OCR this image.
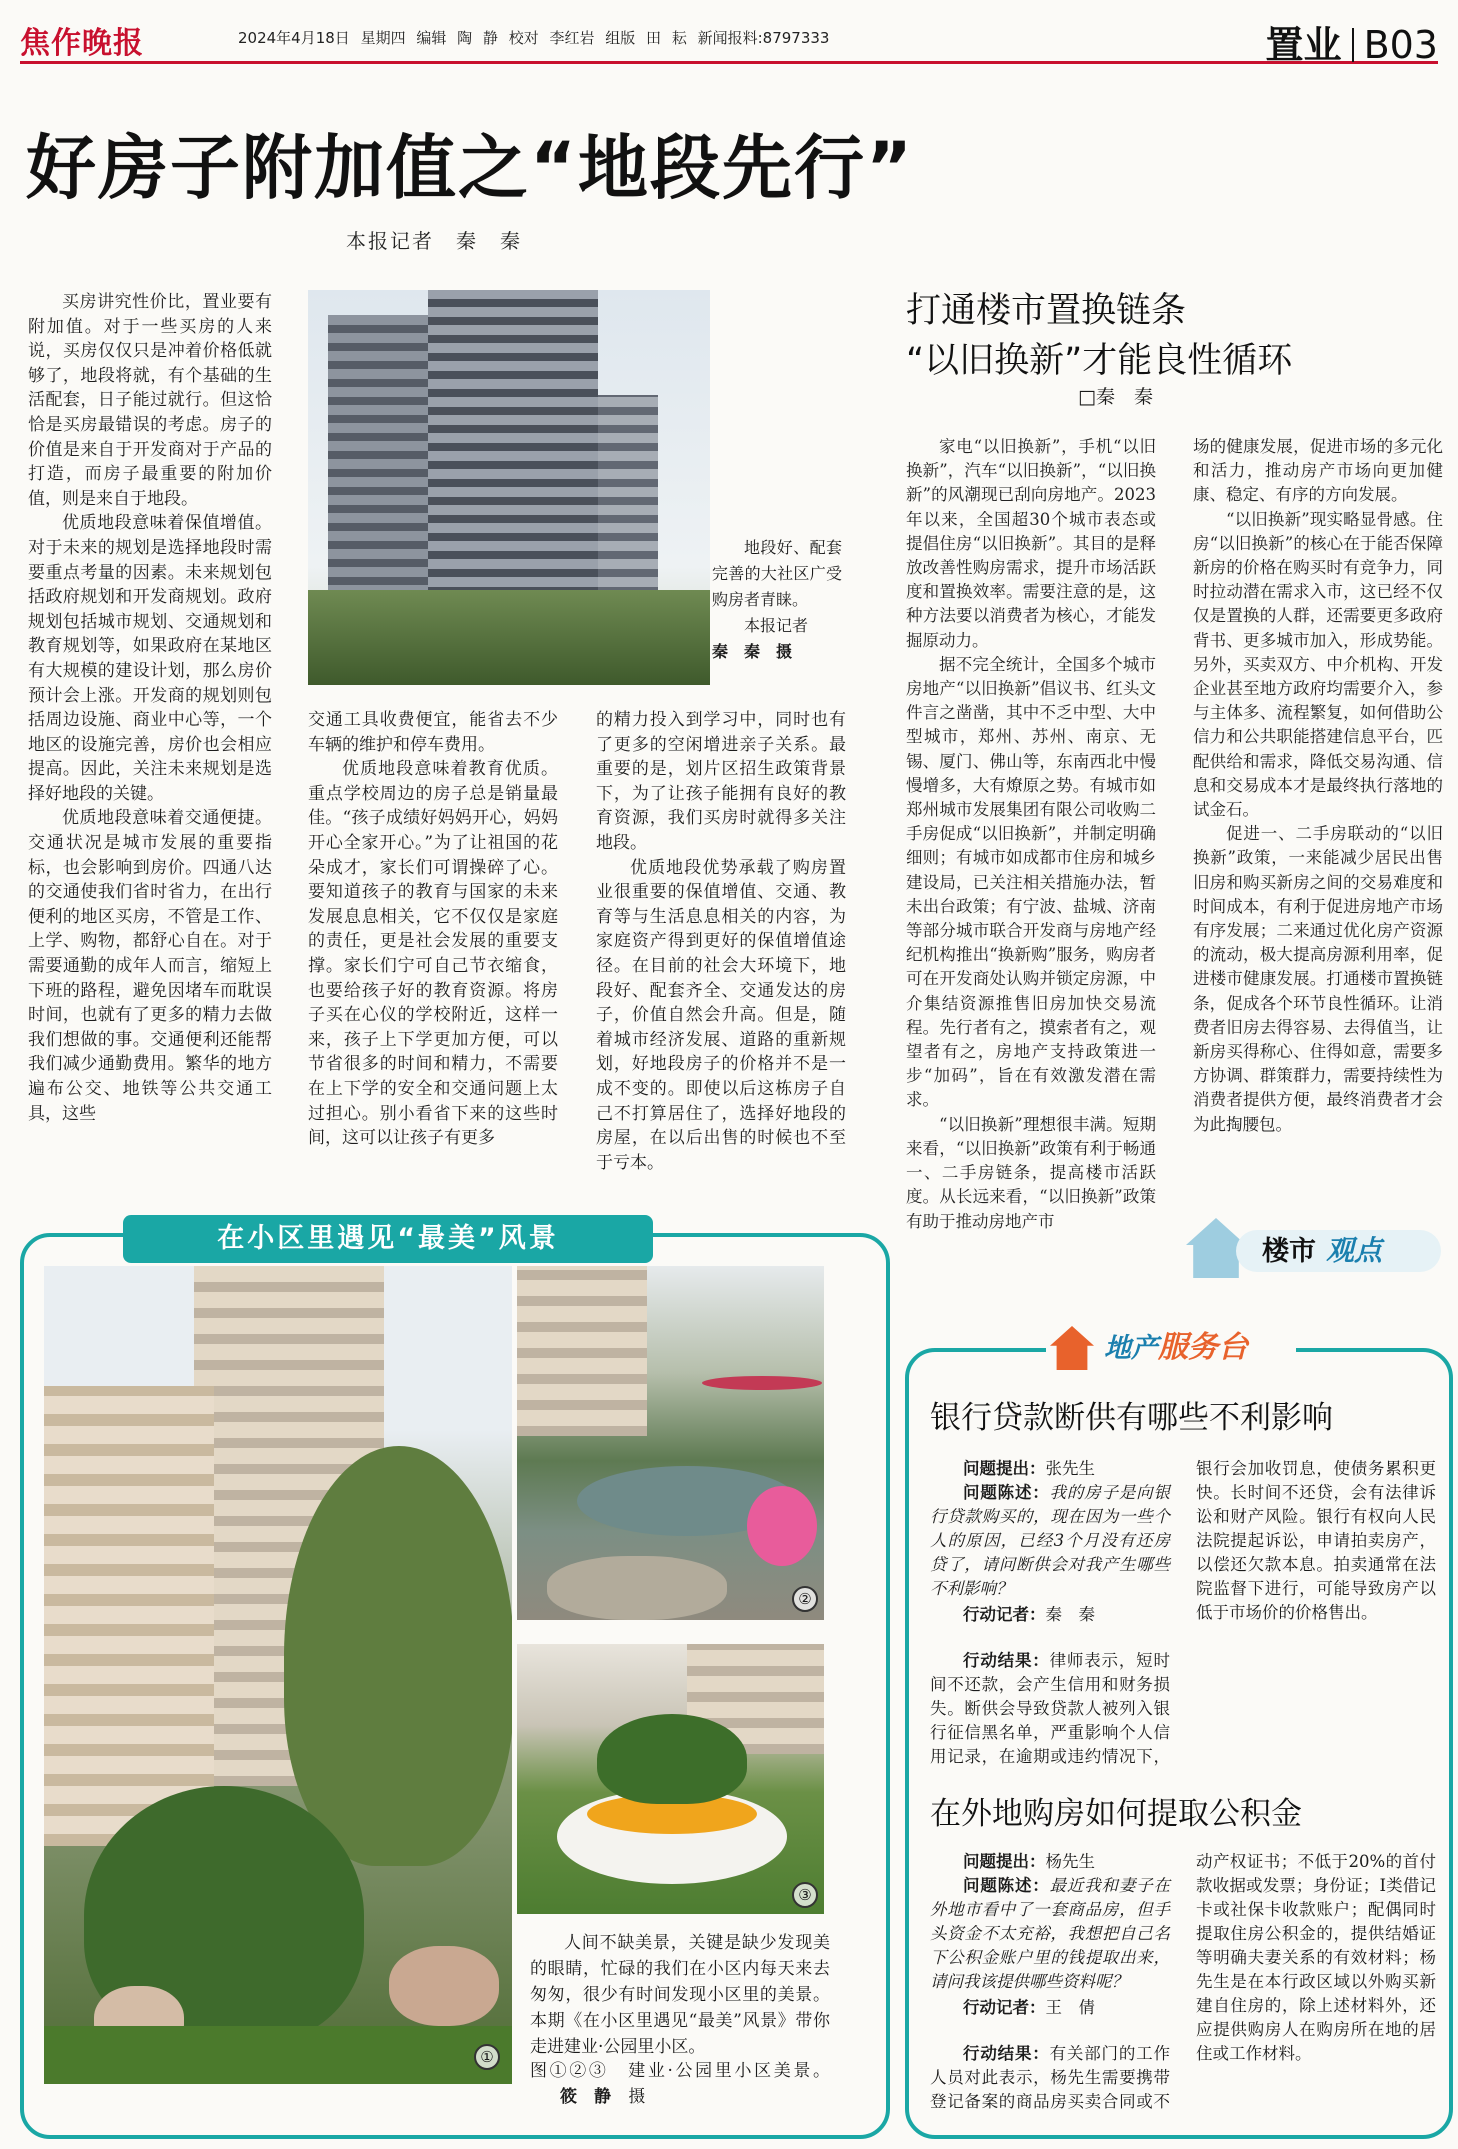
焦作晚报	2024年4月18日 星期四 编辑 陶 静 校对 李红岩 组版 田 耘 新闻报料:8797333	置业 B03
好房子附加值之“地段先行”
本报记者　秦　秦

买房讲究性价比，置业要有附加值。对于一些买房的人来说，买房仅仅只是冲着价格低就够了，地段将就，有个基础的生活配套，日子能过就行。但这恰恰是买房最错误的考虑。房子的价值是来自于开发商对于产品的打造，而房子最重要的附加价值，则是来自于地段。

优质地段意味着保值增值。对于未来的规划是选择地段时需要重点考量的因素。未来规划包括政府规划和开发商规划。政府规划包括城市规划、交通规划和教育规划等，如果政府在某地区有大规模的建设计划，那么房价预计会上涨。开发商的规划则包括周边设施、商业中心等，一个地区的设施完善，房价也会相应提高。因此，关注未来规划是选择好地段的关键。

优质地段意味着交通便捷。交通状况是城市发展的重要指标，也会影响到房价。四通八达的交通使我们省时省力，在出行便利的地区买房，不管是工作、上学、购物，都舒心自在。对于需要通勤的成年人而言，缩短上下班的路程，避免因堵车而耽误时间，也就有了更多的精力去做我们想做的事。交通便利还能帮我们减少通勤费用。繁华的地方遍布公交、地铁等公共交通工具，这些

地段好、配套完善的大社区广受购房者青睐。

本报记者

秦　秦　 摄

交通工具收费便宜，能省去不少车辆的维护和停车费用。

优质地段意味着教育优质。重点学校周边的房子总是销量最佳。“孩子成绩好妈妈开心，妈妈开心全家开心。”为了让祖国的花朵成才，家长们可谓操碎了心。要知道孩子的教育与国家的未来发展息息相关，它不仅仅是家庭的责任，更是社会发展的重要支撑。家长们宁可自己节衣缩食，也要给孩子好的教育资源。将房子买在心仪的学校附近，这样一来，孩子上下学更加方便，可以节省很多的时间和精力，不需要在上下学的安全和交通问题上太过担心。别小看省下来的这些时间，这可以让孩子有更多

的精力投入到学习中，同时也有了更多的空闲增进亲子关系。最重要的是，划片区招生政策背景下，为了让孩子能拥有良好的教育资源，我们买房时就得多关注地段。

优质地段优势承载了购房置业很重要的保值增值、交通、教育等与生活息息相关的内容，为家庭资产得到更好的保值增值途径。在目前的社会大环境下，地段好、配套齐全、交通发达的房子，价值自然会升高。但是，随着城市经济发展、道路的重新规划，好地段房子的价格并不是一成不变的。即使以后这栋房子自己不打算居住了，选择好地段的房屋，在以后出售的时候也不至于亏本。

打通楼市置换链条
“以旧换新”才能良性循环
□秦　秦

家电“以旧换新”，手机“以旧换新”，汽车“以旧换新”，“以旧换新”的风潮现已刮向房地产。2023年以来，全国超30个城市表态或提倡住房“以旧换新”。其目的是释放改善性购房需求，提升市场活跃度和置换效率。需要注意的是，这种方法要以消费者为核心，才能发掘原动力。

据不完全统计，全国多个城市房地产“以旧换新”倡议书、红头文件言之凿凿，其中不乏中型、大中型城市，郑州、苏州、南京、无锡、厦门、佛山等，东南西北中慢慢增多，大有燎原之势。有城市如郑州城市发展集团有限公司收购二手房促成“以旧换新”，并制定明确细则；有城市如成都市住房和城乡建设局，已关注相关措施办法，暂未出台政策；有宁波、盐城、济南等部分城市联合开发商与房地产经纪机构推出“换新购”服务，购房者可在开发商处认购并锁定房源，中介集结资源推售旧房加快交易流程。先行者有之，摸索者有之，观望者有之，房地产支持政策进一步“加码”，旨在有效激发潜在需求。

“以旧换新”理想很丰满。短期来看，“以旧换新”政策有利于畅通一、二手房链条，提高楼市活跃度。从长远来看，“以旧换新”政策有助于推动房地产市

场的健康发展，促进市场的多元化和活力，推动房产市场向更加健康、稳定、有序的方向发展。

“以旧换新”现实略显骨感。住房“以旧换新”的核心在于能否保障新房的价格在购买时有竞争力，同时拉动潜在需求入市，这已经不仅仅是置换的人群，还需要更多政府背书、更多城市加入，形成势能。另外，买卖双方、中介机构、开发企业甚至地方政府均需要介入，参与主体多、流程繁复，如何借助公信力和公共职能搭建信息平台，匹配供给和需求，降低交易沟通、信息和交易成本才是最终执行落地的试金石。

促进一、二手房联动的“以旧换新”政策，一来能减少居民出售旧房和购买新房之间的交易难度和时间成本，有利于促进房地产市场有序发展；二来通过优化房产资源的流动，极大提高房源利用率，促进楼市健康发展。打通楼市置换链条，促成各个环节良性循环。让消费者旧房去得容易、去得值当，让新房买得称心、住得如意，需要多方协调、群策群力，需要持续性为消费者提供方便，最终消费者才会为此掏腰包。

楼市 观点
在小区里遇见“最美”风景
①
②
③

人间不缺美景，关键是缺少发现美的眼睛，忙碌的我们在小区内每天来去匆匆，很少有时间发现小区里的美景。本期《在小区里遇见“最美”风景》带你走进建业·公园里小区。

图①②③　建业·公园里小区美景。 筱　静 摄
地产服务台
银行贷款断供有哪些不利影响

问题提出：张先生

问题陈述：我的房子是向银行贷款购买的，现在因为一些个人的原因，已经3个月没有还房贷了，请问断供会对我产生哪些不利影响？

行动记者：秦　秦

行动结果：律师表示，短时间不还款，会产生信用和财务损失。断供会导致贷款人被列入银行征信黑名单，严重影响个人信用记录，在逾期或违约情况下，

银行会加收罚息，使债务累积更快。长时间不还贷，会有法律诉讼和财产风险。银行有权向人民法院提起诉讼，申请拍卖房产，以偿还欠款本息。拍卖通常在法院监督下进行，可能导致房产以低于市场价的价格售出。

在外地购房如何提取公积金

问题提出：杨先生

问题陈述：最近我和妻子在外地市看中了一套商品房，但手头资金不太充裕，我想把自己名下公积金账户里的钱提取出来，请问我该提供哪些资料呢？

行动记者：王　倩

行动结果：有关部门的工作人员对此表示，杨先生需要携带登记备案的商品房买卖合同或不

动产权证书；不低于20%的首付款收据或发票；身份证；Ⅰ类借记卡或社保卡收款账户；配偶同时提取住房公积金的，提供结婚证等明确夫妻关系的有效材料；杨先生是在本行政区域以外购买新建自住房的，除上述材料外，还应提供购房人在购房所在地的居住或工作材料。
